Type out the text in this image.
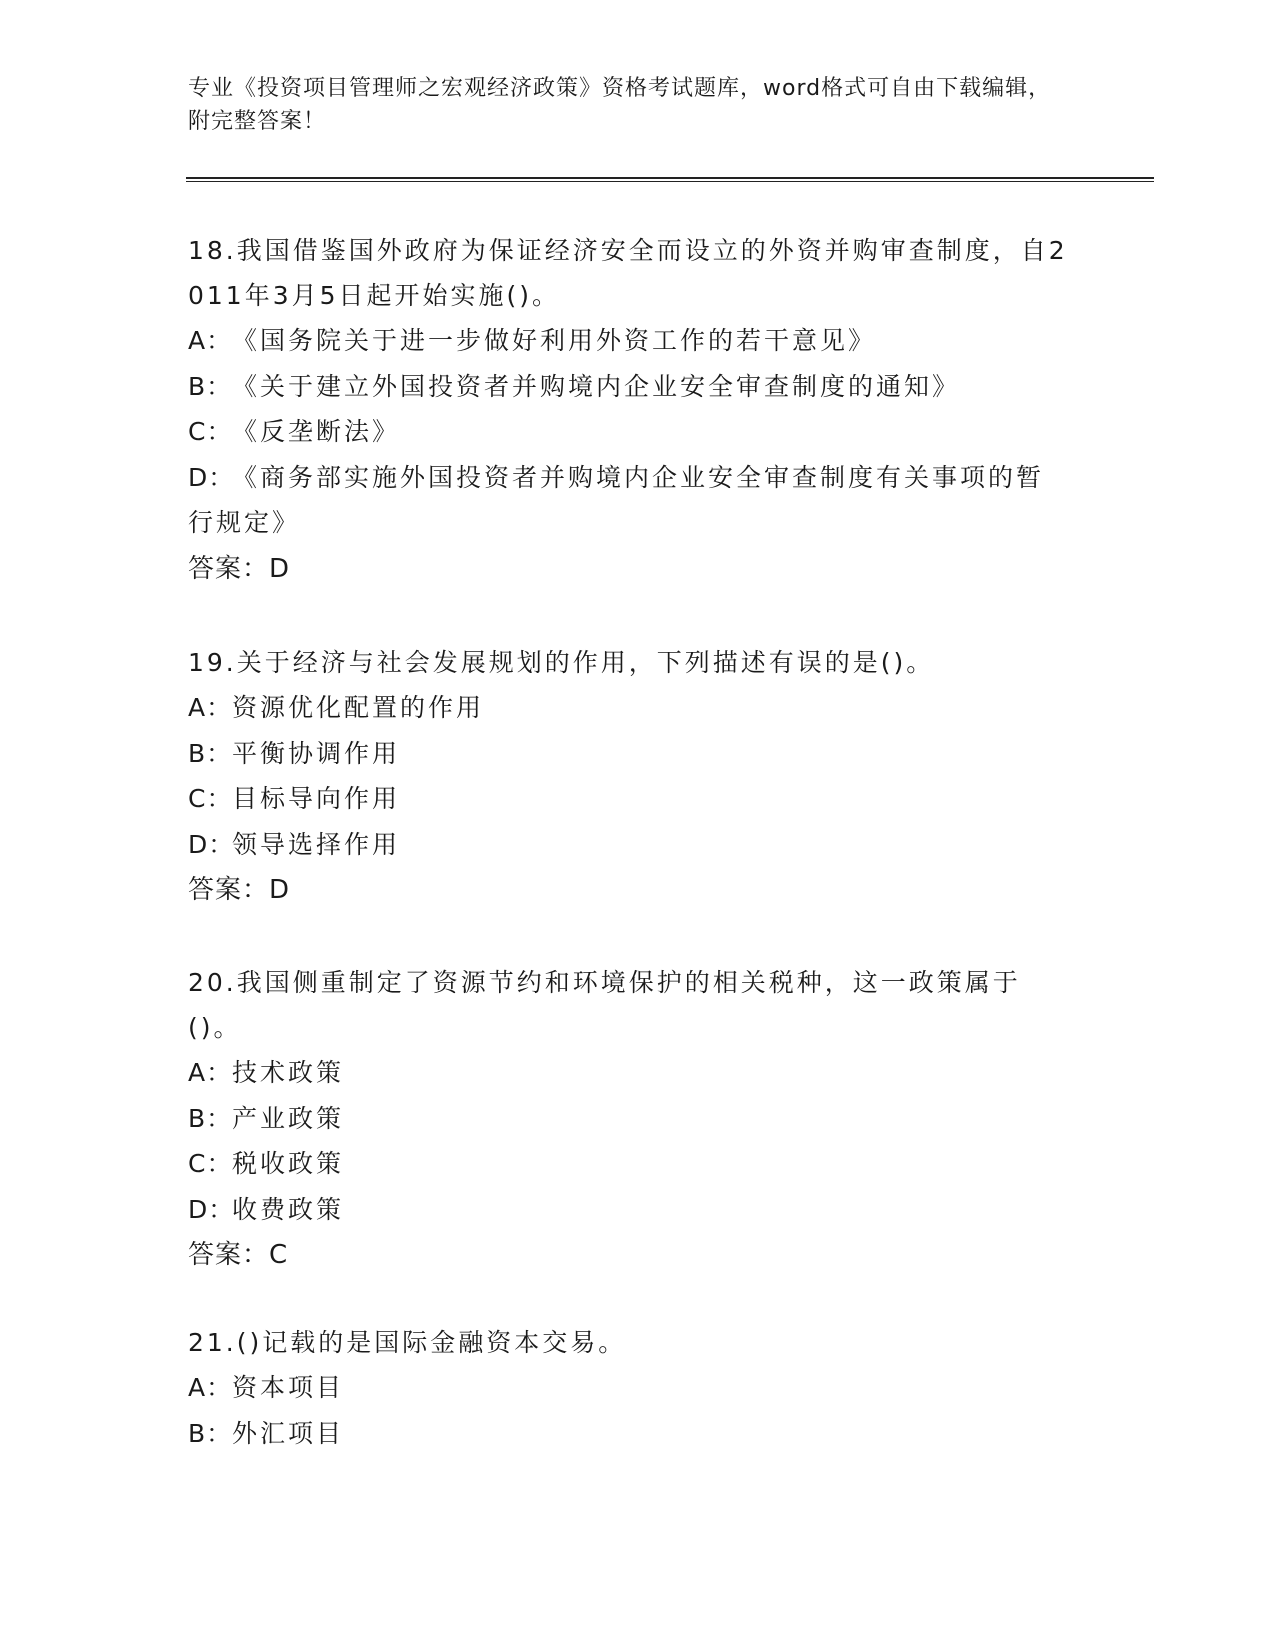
专业《投资项目管理师之宏观经济政策》资格考试题库，word格式可自由下载编辑，附完整答案！
18.我国借鉴国外政府为保证经济安全而设立的外资并购审查制度，自2011年3月5日起开始实施()。
A：《国务院关于进一步做好利用外资工作的若干意见》
B：《关于建立外国投资者并购境内企业安全审查制度的通知》
C：《反垄断法》
D：《商务部实施外国投资者并购境内企业安全审查制度有关事项的暂行规定》
答案：D
19.关于经济与社会发展规划的作用，下列描述有误的是()。
A：资源优化配置的作用
B：平衡协调作用
C：目标导向作用
D：领导选择作用
答案：D
20.我国侧重制定了资源节约和环境保护的相关税种，这一政策属于()。
A：技术政策
B：产业政策
C：税收政策
D：收费政策
答案：C
21.()记载的是国际金融资本交易。
A：资本项目
B：外汇项目
